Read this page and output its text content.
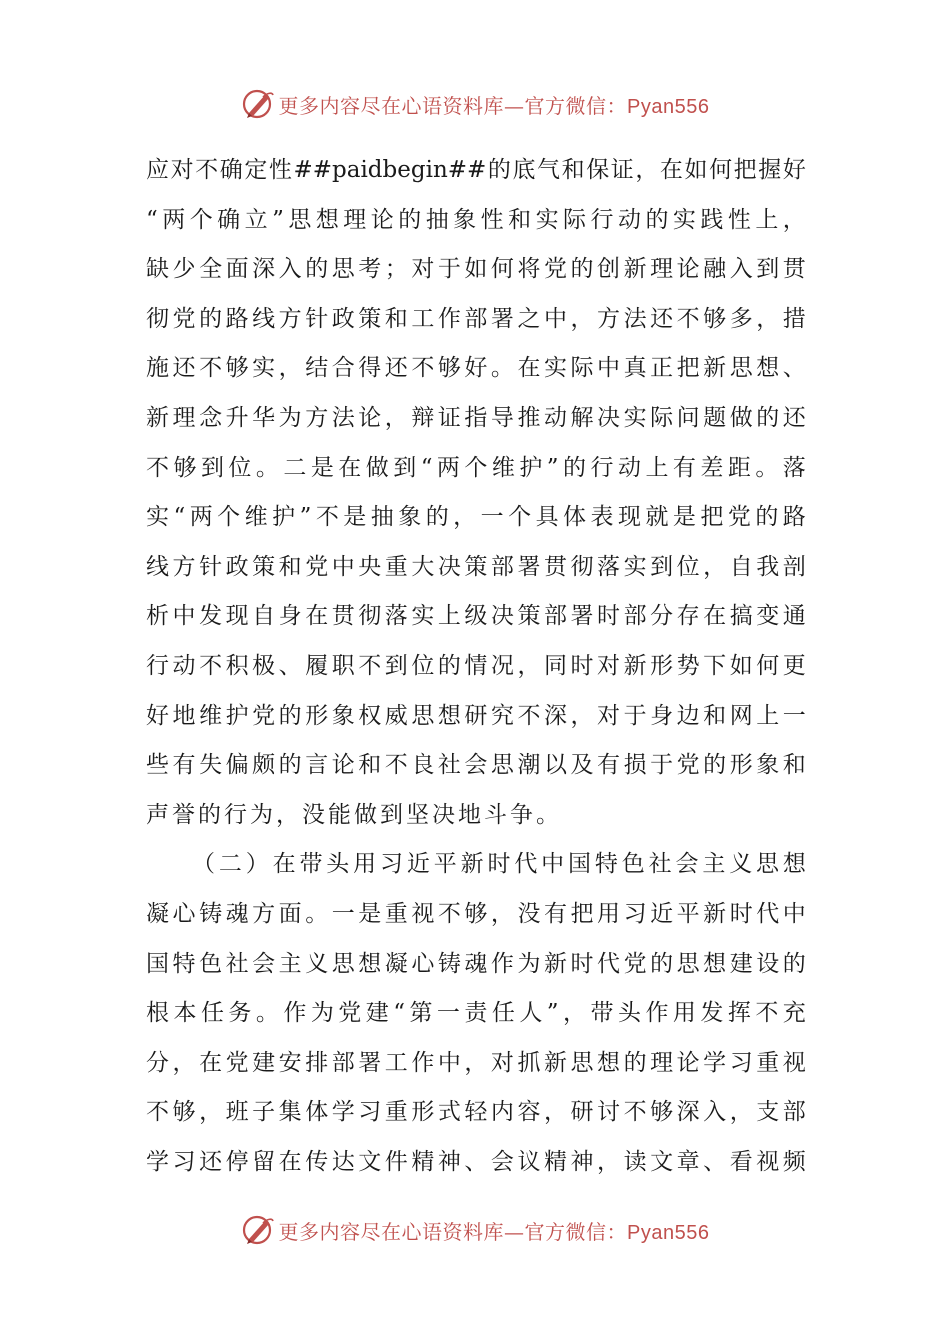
更多内容尽在心语资料库—官方微信：Pyan556
应 对 不 确 定 性 ##paidbegin## 的 底 气 和 保 证 ， 在 如 何 把 握 好
“ 两 个 确 立 ” 思 想 理 论 的 抽 象 性 和 实 际 行 动 的 实 践 性 上 ，
缺 少 全 面 深 入 的 思 考 ； 对 于 如 何 将 党 的 创 新 理 论 融 入 到 贯
彻 党 的 路 线 方 针 政 策 和 工 作 部 署 之 中 ， 方 法 还 不 够 多 ， 措
施 还 不 够 实 ， 结 合 得 还 不 够 好 。 在 实 际 中 真 正 把 新 思 想 、
新 理 念 升 华 为 方 法 论 ， 辩 证 指 导 推 动 解 决 实 际 问 题 做 的 还
不 够 到 位 。 二 是 在 做 到 “ 两 个 维 护 ” 的 行 动 上 有 差 距 。 落
实 “ 两 个 维 护 ” 不 是 抽 象 的 ， 一 个 具 体 表 现 就 是 把 党 的 路
线 方 针 政 策 和 党 中 央 重 大 决 策 部 署 贯 彻 落 实 到 位 ， 自 我 剖
析 中 发 现 自 身 在 贯 彻 落 实 上 级 决 策 部 署 时 部 分 存 在 搞 变 通
行 动 不 积 极 、 履 职 不 到 位 的 情 况 ， 同 时 对 新 形 势 下 如 何 更
好 地 维 护 党 的 形 象 权 威 思 想 研 究 不 深 ， 对 于 身 边 和 网 上 一
些 有 失 偏 颇 的 言 论 和 不 良 社 会 思 潮 以 及 有 损 于 党 的 形 象 和
声誉的行为，没能做到坚决地斗争。
（ 二 ） 在 带 头 用 习 近 平 新 时 代 中 国 特 色 社 会 主 义 思 想
凝 心 铸 魂 方 面 。 一 是 重 视 不 够 ， 没 有 把 用 习 近 平 新 时 代 中
国 特 色 社 会 主 义 思 想 凝 心 铸 魂 作 为 新 时 代 党 的 思 想 建 设 的
根 本 任 务 。 作 为 党 建 “ 第 一 责 任 人 ” ， 带 头 作 用 发 挥 不 充
分 ， 在 党 建 安 排 部 署 工 作 中 ， 对 抓 新 思 想 的 理 论 学 习 重 视
不 够 ， 班 子 集 体 学 习 重 形 式 轻 内 容 ， 研 讨 不 够 深 入 ， 支 部
学 习 还 停 留 在 传 达 文 件 精 神 、 会 议 精 神 ， 读 文 章 、 看 视 频
更多内容尽在心语资料库—官方微信：Pyan556
